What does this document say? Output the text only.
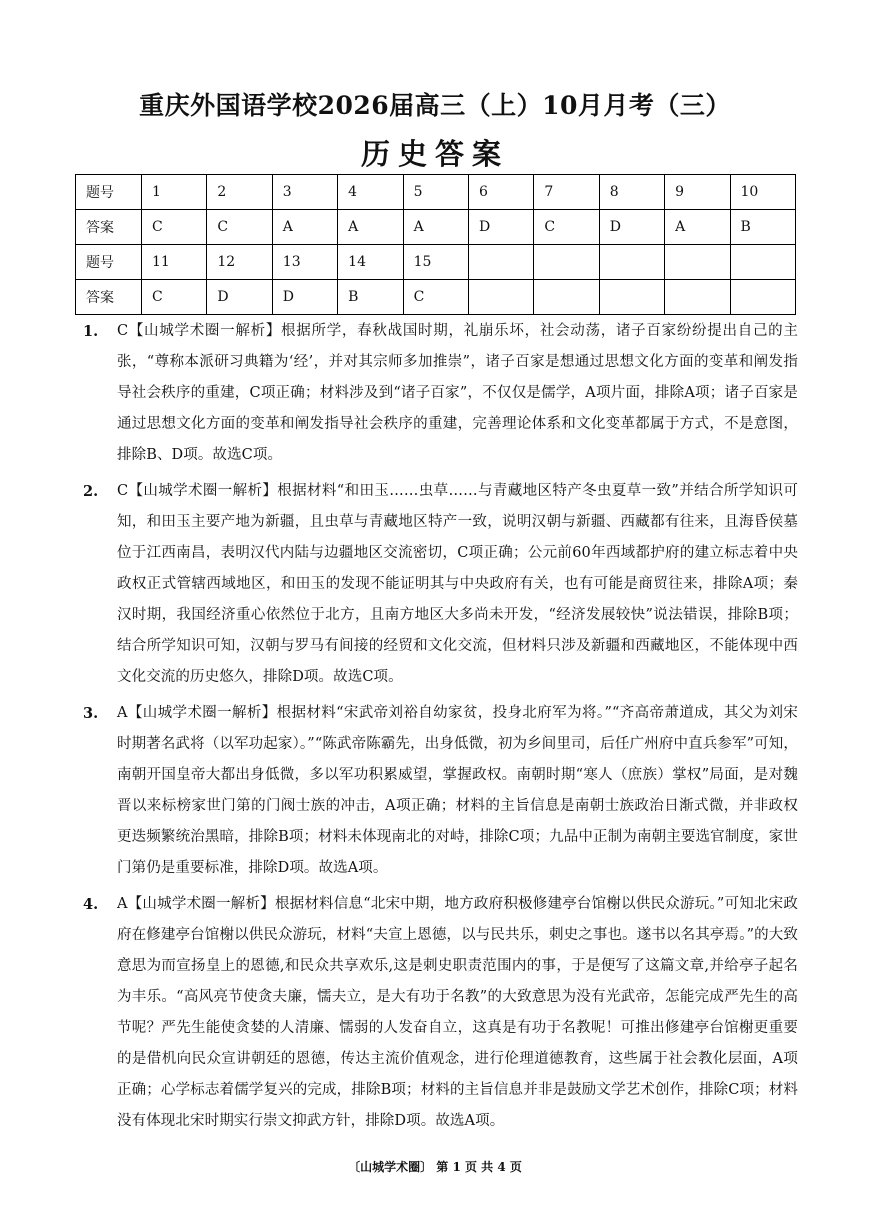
重庆外国语学校2026届高三（上）10月月考（三）
历史答案
题号	1	2	3	4	5	6	7	8	9	10
答案	C	C	A	A	A	D	C	D	A	B
题号	11	12	13	14	15					
答案	C	D	D	B	C					
1.	C【山城学术圈一解析】根据所学，春秋战国时期，礼崩乐坏，社会动荡，诸子百家纷纷提出自己的主张，“尊称本派研习典籍为‘经’，并对其宗师多加推崇”，诸子百家是想通过思想文化方面的变革和阐发指导社会秩序的重建，C项正确；材料涉及到“诸子百家”，不仅仅是儒学，A项片面，排除A项；诸子百家是通过思想文化方面的变革和阐发指导社会秩序的重建，完善理论体系和文化变革都属于方式，不是意图，排除B、D项。故选C项。
2.	C【山城学术圈一解析】根据材料“和田玉……虫草……与青藏地区特产冬虫夏草一致”并结合所学知识可知，和田玉主要产地为新疆，且虫草与青藏地区特产一致，说明汉朝与新疆、西藏都有往来，且海昏侯墓位于江西南昌，表明汉代内陆与边疆地区交流密切，C项正确；公元前60年西域都护府的建立标志着中央政权正式管辖西域地区，和田玉的发现不能证明其与中央政府有关，也有可能是商贸往来，排除A项；秦汉时期，我国经济重心依然位于北方，且南方地区大多尚未开发，“经济发展较快”说法错误，排除B项；结合所学知识可知，汉朝与罗马有间接的经贸和文化交流，但材料只涉及新疆和西藏地区，不能体现中西文化交流的历史悠久，排除D项。故选C项。
3.	A【山城学术圈一解析】根据材料“宋武帝刘裕自幼家贫，投身北府军为将。”“齐高帝萧道成，其父为刘宋时期著名武将（以军功起家）。”“陈武帝陈霸先，出身低微，初为乡间里司，后任广州府中直兵参军”可知，南朝开国皇帝大都出身低微，多以军功积累威望，掌握政权。南朝时期“寒人（庶族）掌权”局面，是对魏晋以来标榜家世门第的门阀士族的冲击，A项正确；材料的主旨信息是南朝士族政治日渐式微，并非政权更迭频繁统治黑暗，排除B项；材料未体现南北的对峙，排除C项；九品中正制为南朝主要选官制度，家世门第仍是重要标准，排除D项。故选A项。
4.	A【山城学术圈一解析】根据材料信息“北宋中期，地方政府积极修建亭台馆榭以供民众游玩。”可知北宋政府在修建亭台馆榭以供民众游玩，材料“夫宣上恩德，以与民共乐，刺史之事也。遂书以名其亭焉。”的大致意思为而宣扬皇上的恩德,和民众共享欢乐,这是刺史职责范围内的事，于是便写了这篇文章,并给亭子起名为丰乐。“高风亮节使贪夫廉，懦夫立，是大有功于名教”的大致意思为没有光武帝，怎能完成严先生的高节呢？严先生能使贪婪的人清廉、懦弱的人发奋自立，这真是有功于名教呢！可推出修建亭台馆榭更重要的是借机向民众宣讲朝廷的恩德，传达主流价值观念，进行伦理道德教育，这些属于社会教化层面，A项正确；心学标志着儒学复兴的完成，排除B项；材料的主旨信息并非是鼓励文学艺术创作，排除C项；材料没有体现北宋时期实行崇文抑武方针，排除D项。故选A项。
〔山城学术圈〕 第 1 页 共 4 页
